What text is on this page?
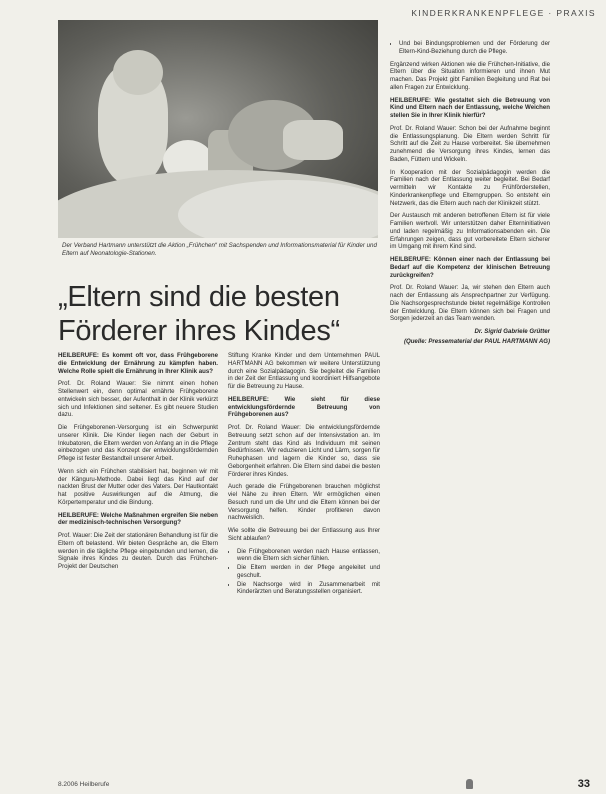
KINDERKRANKENPFLEGE · PRAXIS
Der Verband Hartmann unterstützt die Aktion „Frühchen“ mit Sachspenden und Informationsmaterial für Kinder und Eltern auf Neonatologie-Stationen.
„Eltern sind die besten
Förderer ihres Kindes“

HEILBERUFE: Es kommt oft vor, dass Frühgeborene die Entwicklung der Ernährung zu kämpfen haben. Welche Rolle spielt die Ernährung in Ihrer Klinik aus?

Prof. Dr. Roland Wauer: Sie nimmt einen hohen Stellenwert ein, denn optimal ernährte Frühgeborene entwickeln sich besser, der Aufenthalt in der Klinik verkürzt sich und Infektionen sind seltener. Es gibt neuere Studien dazu.

Die Frühgeborenen-Versorgung ist ein Schwerpunkt unserer Klinik. Die Kinder liegen nach der Geburt in Inkubatoren, die Eltern werden von Anfang an in die Pflege einbezogen und das Konzept der entwicklungsfördernden Pflege ist fester Bestandteil unserer Arbeit.

Wenn sich ein Frühchen stabilisiert hat, beginnen wir mit der Känguru-Methode. Dabei liegt das Kind auf der nackten Brust der Mutter oder des Vaters. Der Hautkontakt hat positive Auswirkungen auf die Atmung, die Körpertemperatur und die Bindung.

HEILBERUFE: Welche Maßnahmen ergreifen Sie neben der medizinisch-technischen Versorgung?

Prof. Wauer: Die Zeit der stationären Behandlung ist für die Eltern oft belastend. Wir bieten Gespräche an, die Eltern werden in die tägliche Pflege eingebunden und lernen, die Signale ihres Kindes zu deuten. Durch das Frühchen-Projekt der Deutschen

Stiftung Kranke Kinder und dem Unternehmen PAUL HARTMANN AG bekommen wir weitere Unterstützung durch eine Sozialpädagogin. Sie begleitet die Familien in der Zeit der Entlassung und koordiniert Hilfsangebote für die Betreuung zu Hause.

HEILBERUFE: Wie sieht für diese entwicklungsfördernde Betreuung von Frühgeborenen aus?

Prof. Dr. Roland Wauer: Die entwicklungsfördernde Betreuung setzt schon auf der Intensivstation an. Im Zentrum steht das Kind als Individuum mit seinen Bedürfnissen. Wir reduzieren Licht und Lärm, sorgen für Ruhephasen und lagern die Kinder so, dass sie Geborgenheit erfahren. Die Eltern sind dabei die besten Förderer ihres Kindes.

Auch gerade die Frühgeborenen brauchen möglichst viel Nähe zu ihren Eltern. Wir ermöglichen einen Besuch rund um die Uhr und die Eltern können bei der Versorgung helfen. Kinder profitieren davon nachweislich.

Wie sollte die Betreuung bei der Entlassung aus Ihrer Sicht ablaufen?

• Die Frühgeborenen werden nach Hause entlassen, wenn die Eltern sich sicher fühlen.
• Die Eltern werden in der Pflege angeleitet und geschult.
• Die Nachsorge wird in Zusammenarbeit mit Kinderärzten und Beratungsstellen organisiert.
• Und bei Bindungsproblemen und der Förderung der Eltern-Kind-Beziehung durch die Pflege.

Ergänzend wirken Aktionen wie die Frühchen-Initiative, die Eltern über die Situation informieren und ihnen Mut machen. Das Projekt gibt Familien Begleitung und Rat bei allen Fragen zur Entwicklung.

HEILBERUFE: Wie gestaltet sich die Betreuung von Kind und Eltern nach der Entlassung, welche Weichen stellen Sie in Ihrer Klinik hierfür?

Prof. Dr. Roland Wauer: Schon bei der Aufnahme beginnt die Entlassungsplanung. Die Eltern werden Schritt für Schritt auf die Zeit zu Hause vorbereitet. Sie übernehmen zunehmend die Versorgung ihres Kindes, lernen das Baden, Füttern und Wickeln.

In Kooperation mit der Sozialpädagogin werden die Familien nach der Entlassung weiter begleitet. Bei Bedarf vermitteln wir Kontakte zu Frühförderstellen, Kinderkrankenpflege und Elterngruppen. So entsteht ein Netzwerk, das die Eltern auch nach der Klinikzeit stützt.

Der Austausch mit anderen betroffenen Eltern ist für viele Familien wertvoll. Wir unterstützen daher Elterninitiativen und laden regelmäßig zu Informationsabenden ein. Die Erfahrungen zeigen, dass gut vorbereitete Eltern sicherer im Umgang mit ihrem Kind sind.

HEILBERUFE: Können einer nach der Entlassung bei Bedarf auf die Kompetenz der klinischen Betreuung zurückgreifen?

Prof. Dr. Roland Wauer: Ja, wir stehen den Eltern auch nach der Entlassung als Ansprechpartner zur Verfügung. Die Nachsorgesprechstunde bietet regelmäßige Kontrollen der Entwicklung. Die Eltern können sich bei Fragen und Sorgen jederzeit an das Team wenden.

Dr. Sigrid Gabriele Grütter
(Quelle: Pressematerial der PAUL HARTMANN AG)
8.2006 Heilberufe	33
